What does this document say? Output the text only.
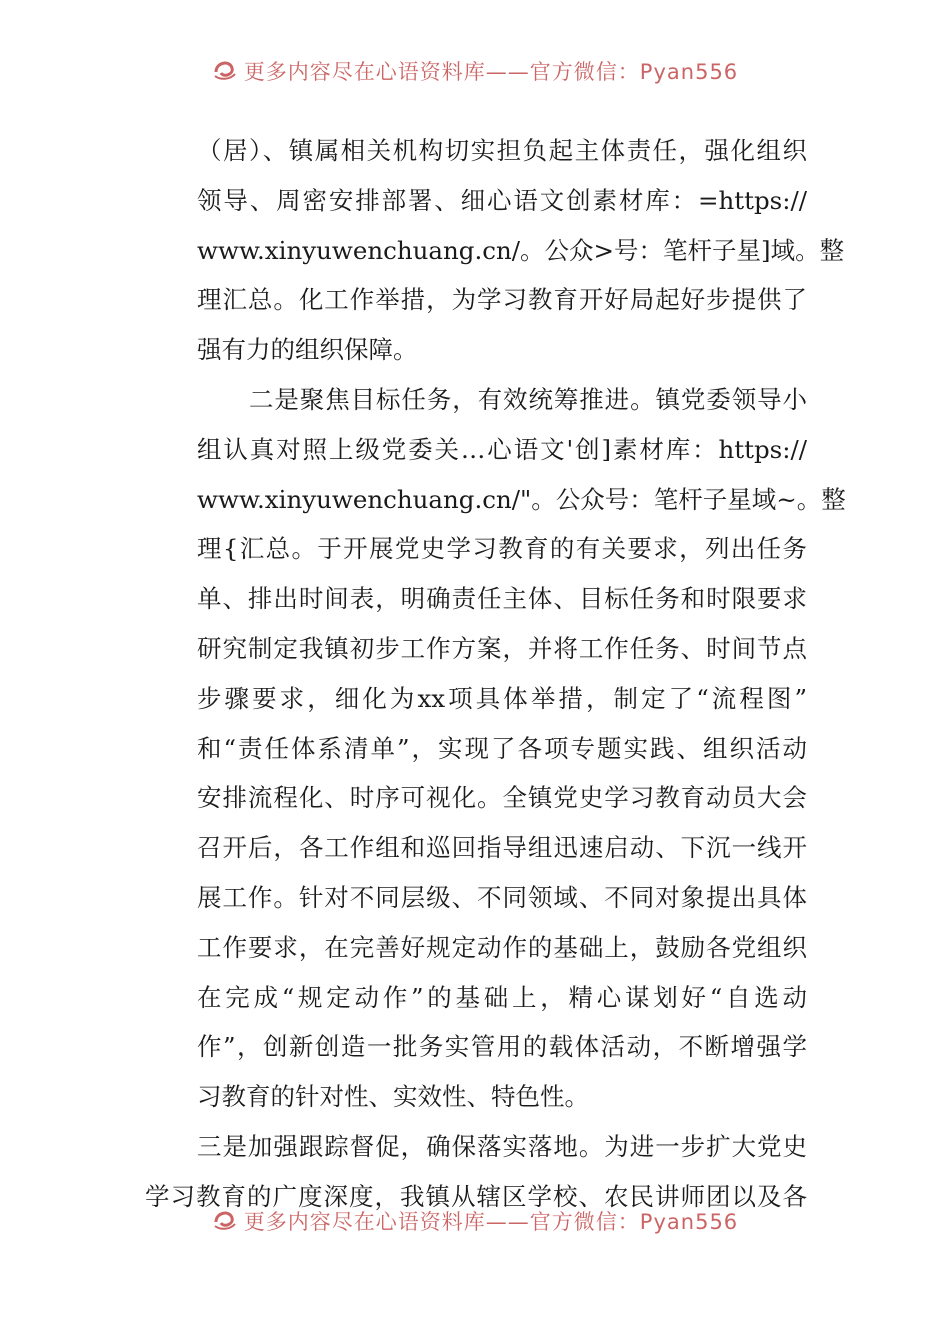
更多内容尽在心语资料库——官方微信：Pyan556
（居）、镇属相关机构切实担负起主体责任，强化组织
领导、周密安排部署、细心语文创素材库：=https://
www.xinyuwenchuang.cn/。公众>号：笔杆子星]域。整
理汇总。化工作举措，为学习教育开好局起好步提供了
强有力的组织保障。
二是聚焦目标任务，有效统筹推进。镇党委领导小
组认真对照上级党委关…心语文'创]素材库：https://
www.xinyuwenchuang.cn/"。公众号：笔杆子星域~。整
理{汇总。于开展党史学习教育的有关要求，列出任务
单、排出时间表，明确责任主体、目标任务和时限要求
研究制定我镇初步工作方案，并将工作任务、时间节点
步骤要求，细化为xx项具体举措，制定了“流程图”
和“责任体系清单”，实现了各项专题实践、组织活动
安排流程化、时序可视化。全镇党史学习教育动员大会
召开后，各工作组和巡回指导组迅速启动、下沉一线开
展工作。针对不同层级、不同领域、不同对象提出具体
工作要求，在完善好规定动作的基础上，鼓励各党组织
在完成“规定动作”的基础上，精心谋划好“自选动
作”，创新创造一批务实管用的载体活动，不断增强学
习教育的针对性、实效性、特色性。
三是加强跟踪督促，确保落实落地。为进一步扩大党史
学习教育的广度深度，我镇从辖区学校、农民讲师团以及各
更多内容尽在心语资料库——官方微信：Pyan556
